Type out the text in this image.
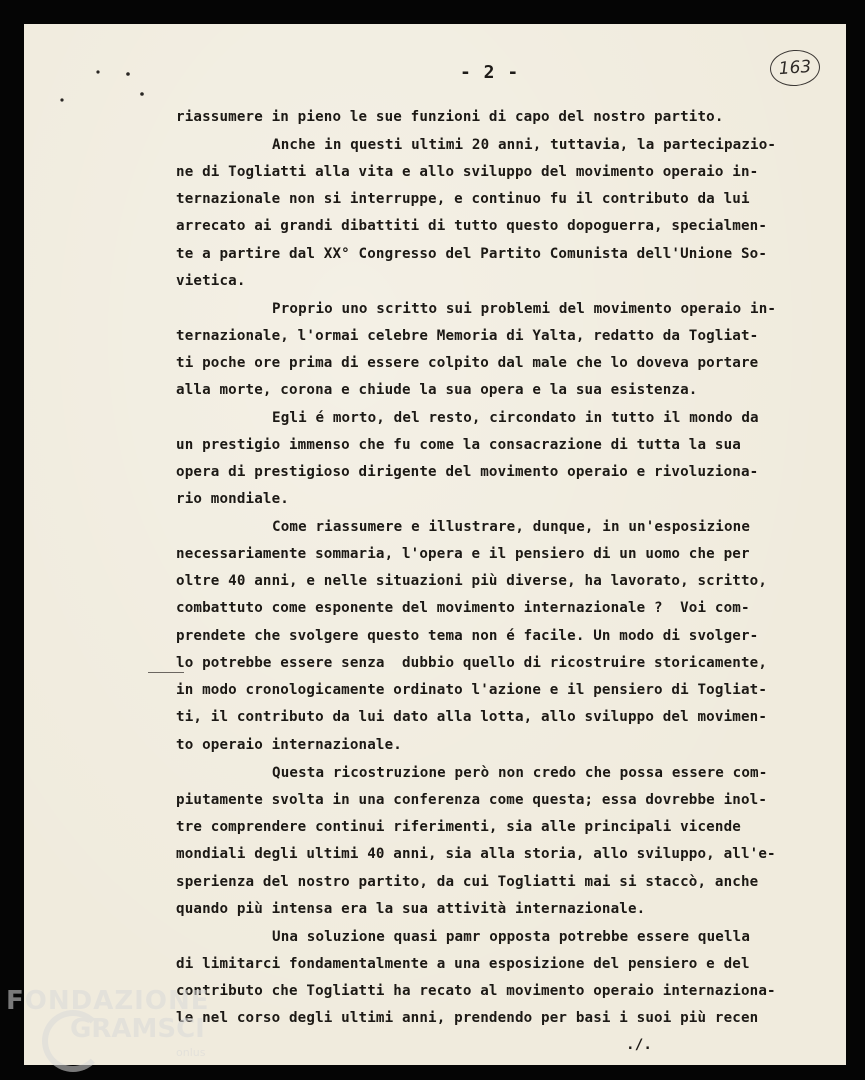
- 2 -	163
riassumere in pieno le sue funzioni di capo del nostro partito.
Anche in questi ultimi 20 anni, tuttavia, la partecipazio-
ne di Togliatti alla vita e allo sviluppo del movimento operaio in-
ternazionale non si interruppe, e continuo fu il contributo da lui
arrecato ai grandi dibattiti di tutto questo dopoguerra, specialmen-
te a partire dal XX° Congresso del Partito Comunista dell'Unione So-
vietica.
Proprio uno scritto sui problemi del movimento operaio in-
ternazionale, l'ormai celebre Memoria di Yalta, redatto da Togliat-
ti poche ore prima di essere colpito dal male che lo doveva portare
alla morte, corona e chiude la sua opera e la sua esistenza.
Egli é morto, del resto, circondato in tutto il mondo da
un prestigio immenso che fu come la consacrazione di tutta la sua
opera di prestigioso dirigente del movimento operaio e rivoluziona-
rio mondiale.
Come riassumere e illustrare, dunque, in un'esposizione
necessariamente sommaria, l'opera e il pensiero di un uomo che per
oltre 40 anni, e nelle situazioni più diverse, ha lavorato, scritto,
combattuto come esponente del movimento internazionale ?  Voi com-
prendete che svolgere questo tema non é facile. Un modo di svolger-
lo potrebbe essere senza  dubbio quello di ricostruire storicamente,
in modo cronologicamente ordinato l'azione e il pensiero di Togliat-
ti, il contributo da lui dato alla lotta, allo sviluppo del movimen-
to operaio internazionale.
Questa ricostruzione però non credo che possa essere com-
piutamente svolta in una conferenza come questa; essa dovrebbe inol-
tre comprendere continui riferimenti, sia alle principali vicende
mondiali degli ultimi 40 anni, sia alla storia, allo sviluppo, all'e-
sperienza del nostro partito, da cui Togliatti mai si staccò, anche
quando più intensa era la sua attività internazionale.
Una soluzione quasi pamr opposta potrebbe essere quella
di limitarci fondamentalmente a una esposizione del pensiero e del
contributo che Togliatti ha recato al movimento operaio internaziona-
le nel corso degli ultimi anni, prendendo per basi i suoi più recen
./.
FONDAZIONE
GRAMSCI
onlus
